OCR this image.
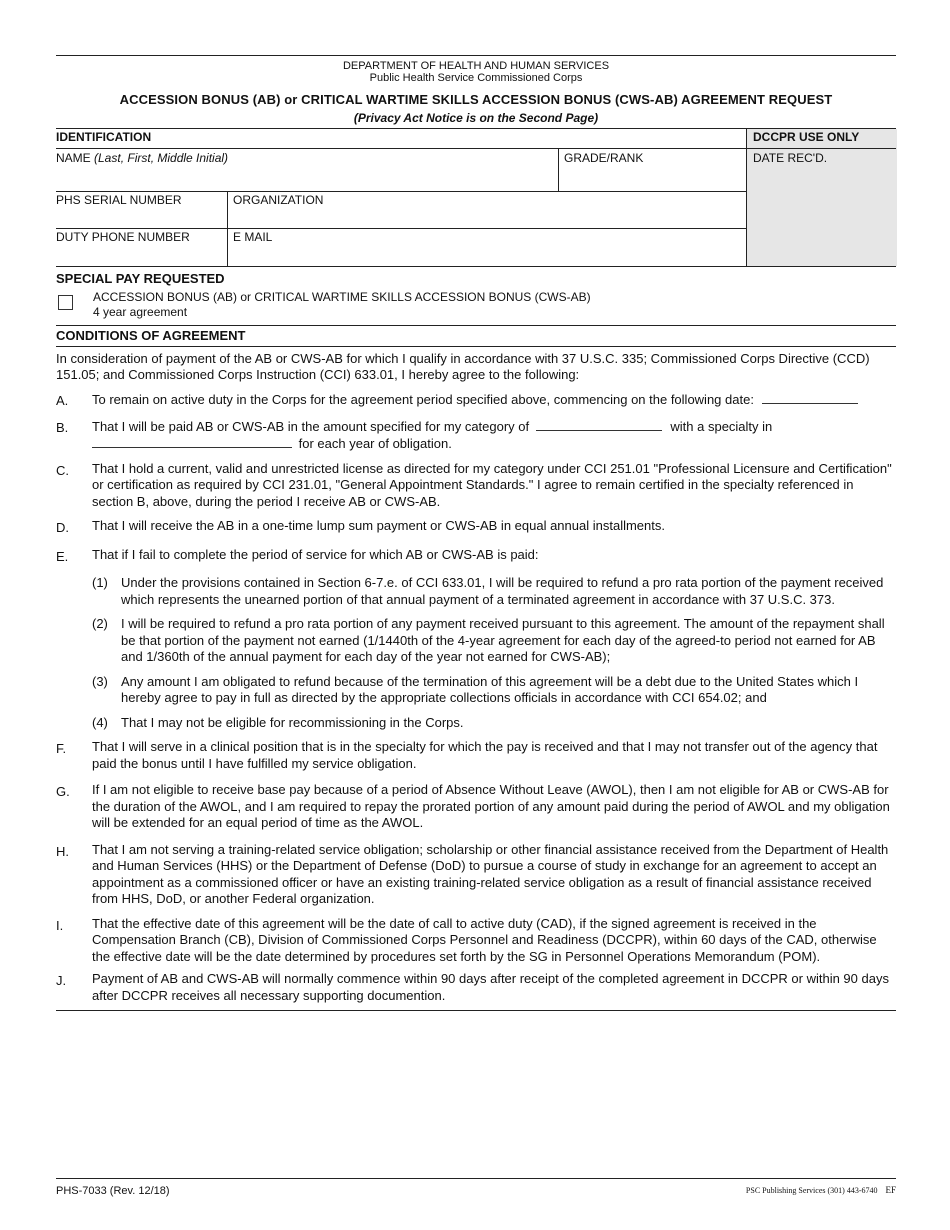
DEPARTMENT OF HEALTH AND HUMAN SERVICES
Public Health Service Commissioned Corps
ACCESSION BONUS (AB) or CRITICAL WARTIME SKILLS ACCESSION BONUS (CWS-AB) AGREEMENT REQUEST
(Privacy Act Notice is on the Second Page)
IDENTIFICATION	DCCPR USE ONLY
NAME (Last, First, Middle Initial)	GRADE/RANK	DATE REC'D.
PHS SERIAL NUMBER	ORGANIZATION
DUTY PHONE NUMBER	E MAIL
SPECIAL PAY REQUESTED
ACCESSION BONUS (AB) or CRITICAL WARTIME SKILLS ACCESSION BONUS (CWS-AB)
4 year agreement
CONDITIONS OF AGREEMENT
In consideration of payment of the AB or CWS-AB for which I qualify in accordance with 37 U.S.C. 335; Commissioned Corps Directive (CCD) 151.05; and Commissioned Corps Instruction (CCI) 633.01, I hereby agree to the following:
A. To remain on active duty in the Corps for the agreement period specified above, commencing on the following date:
B. That I will be paid AB or CWS-AB in the amount specified for my category of	with a specialty in
for each year of obligation.
C. That I hold a current, valid and unrestricted license as directed for my category under CCI 251.01 "Professional Licensure and Certification" or certification as required by CCI 231.01, "General Appointment Standards." I agree to remain certified in the specialty referenced in section B, above, during the period I receive AB or CWS-AB.
D. That I will receive the AB in a one-time lump sum payment or CWS-AB in equal annual installments.
E. That if I fail to complete the period of service for which AB or CWS-AB is paid:
(1) Under the provisions contained in Section 6-7.e. of CCI 633.01, I will be required to refund a pro rata portion of the payment received which represents the unearned portion of that annual payment of a terminated agreement in accordance with 37 U.S.C. 373.
(2) I will be required to refund a pro rata portion of any payment received pursuant to this agreement. The amount of the repayment shall be that portion of the payment not earned (1/1440th of the 4-year agreement for each day of the agreed-to period not earned for AB and 1/360th of the annual payment for each day of the year not earned for CWS-AB);
(3) Any amount I am obligated to refund because of the termination of this agreement will be a debt due to the United States which I hereby agree to pay in full as directed by the appropriate collections officials in accordance with CCI 654.02; and
(4) That I may not be eligible for recommissioning in the Corps.
F. That I will serve in a clinical position that is in the specialty for which the pay is received and that I may not transfer out of the agency that paid the bonus until I have fulfilled my service obligation.
G. If I am not eligible to receive base pay because of a period of Absence Without Leave (AWOL), then I am not eligible for AB or CWS-AB for the duration of the AWOL, and I am required to repay the prorated portion of any amount paid during the period of AWOL and my obligation will be extended for an equal period of time as the AWOL.
H. That I am not serving a training-related service obligation; scholarship or other financial assistance received from the Department of Health and Human Services (HHS) or the Department of Defense (DoD) to pursue a course of study in exchange for an agreement to accept an appointment as a commissioned officer or have an existing training-related service obligation as a result of financial assistance received from HHS, DoD, or another Federal organization.
I. That the effective date of this agreement will be the date of call to active duty (CAD), if the signed agreement is received in the Compensation Branch (CB), Division of Commissioned Corps Personnel and Readiness (DCCPR), within 60 days of the CAD, otherwise the effective date will be the date determined by procedures set forth by the SG in Personnel Operations Memorandum (POM).
J. Payment of AB and CWS-AB will normally commence within 90 days after receipt of the completed agreement in DCCPR or within 90 days after DCCPR receives all necessary supporting documention.
PHS-7033 (Rev. 12/18)	PSC Publishing Services (301) 443-6740 EF
